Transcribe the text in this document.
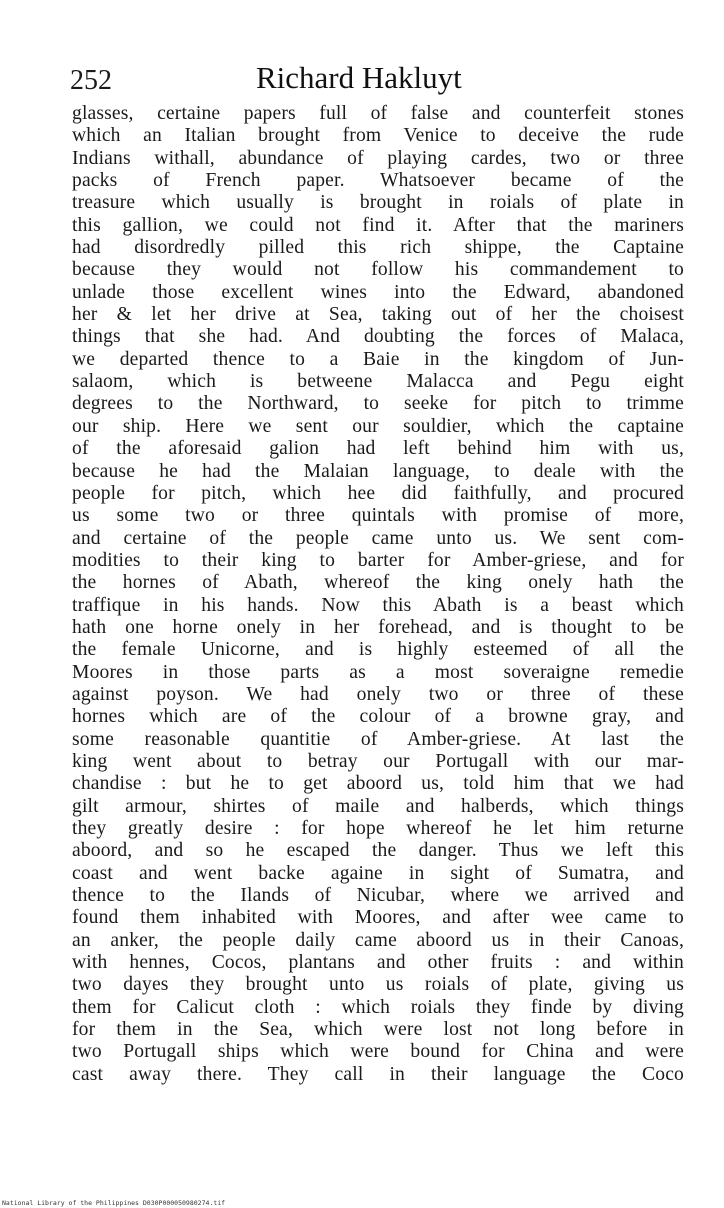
252	Richard Hakluyt
glasses, certaine papers full of false and counterfeit stones
which an Italian brought from Venice to deceive the rude
Indians withall, abundance of playing cardes, two or three
packs of French paper. Whatsoever became of the
treasure which usually is brought in roials of plate in
this gallion, we could not find it. After that the mariners
had disordredly pilled this rich shippe, the Captaine
because they would not follow his commandement to
unlade those excellent wines into the Edward, abandoned
her & let her drive at Sea, taking out of her the choisest
things that she had. And doubting the forces of Malaca,
we departed thence to a Baie in the kingdom of Jun-
salaom, which is betweene Malacca and Pegu eight
degrees to the Northward, to seeke for pitch to trimme
our ship. Here we sent our souldier, which the captaine
of the aforesaid galion had left behind him with us,
because he had the Malaian language, to deale with the
people for pitch, which hee did faithfully, and procured
us some two or three quintals with promise of more,
and certaine of the people came unto us. We sent com-
modities to their king to barter for Amber-griese, and for
the hornes of Abath, whereof the king onely hath the
traffique in his hands. Now this Abath is a beast which
hath one horne onely in her forehead, and is thought to be
the female Unicorne, and is highly esteemed of all the
Moores in those parts as a most soveraigne remedie
against poyson. We had onely two or three of these
hornes which are of the colour of a browne gray, and
some reasonable quantitie of Amber-griese. At last the
king went about to betray our Portugall with our mar-
chandise : but he to get aboord us, told him that we had
gilt armour, shirtes of maile and halberds, which things
they greatly desire : for hope whereof he let him returne
aboord, and so he escaped the danger. Thus we left this
coast and went backe againe in sight of Sumatra, and
thence to the Ilands of Nicubar, where we arrived and
found them inhabited with Moores, and after wee came to
an anker, the people daily came aboord us in their Canoas,
with hennes, Cocos, plantans and other fruits : and within
two dayes they brought unto us roials of plate, giving us
them for Calicut cloth : which roials they finde by diving
for them in the Sea, which were lost not long before in
two Portugall ships which were bound for China and were
cast away there. They call in their language the Coco
National Library of the Philippines D030P000050980274.tif
